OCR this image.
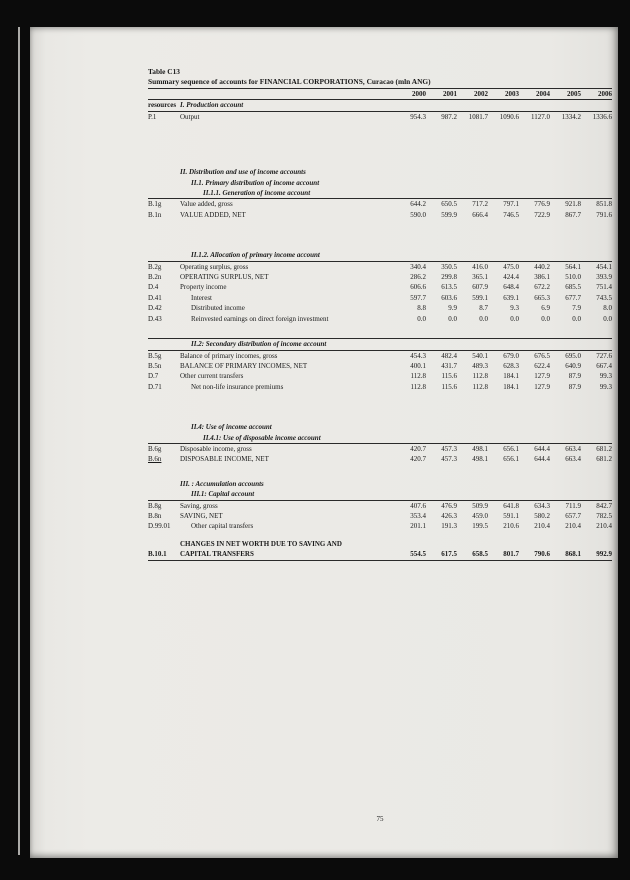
Table C13
Summary sequence of accounts for FINANCIAL CORPORATIONS, Curacao (mln ANG)
2000	2001	2002	2003	2004	2005	2006
resources I. Production account
P.1	Output	954.3	987.2	1081.7	1090.6	1127.0	1334.2	1336.6
II. Distribution and use of income accounts
II.1. Primary distribution of income account
II.1.1. Generation of income account
B.1g	Value added, gross	644.2	650.5	717.2	797.1	776.9	921.8	851.8
B.1n	VALUE ADDED, NET	590.0	599.9	666.4	746.5	722.9	867.7	791.6
II.1.2. Allocation of primary income account
B.2g	Operating surplus, gross	340.4	350.5	416.0	475.0	440.2	564.1	454.1
B.2n	OPERATING SURPLUS, NET	286.2	299.8	365.1	424.4	386.1	510.0	393.9
D.4	Property income	606.6	613.5	607.9	648.4	672.2	685.5	751.4
D.41	Interest	597.7	603.6	599.1	639.1	665.3	677.7	743.5
D.42	Distributed income	8.8	9.9	8.7	9.3	6.9	7.9	8.0
D.43	Reinvested earnings on direct foreign investment	0.0	0.0	0.0	0.0	0.0	0.0	0.0
II.2: Secondary distribution of income account
B.5g	Balance of primary incomes, gross	454.3	482.4	540.1	679.0	676.5	695.0	727.6
B.5n	BALANCE OF PRIMARY INCOMES, NET	400.1	431.7	489.3	628.3	622.4	640.9	667.4
D.7	Other current transfers	112.8	115.6	112.8	184.1	127.9	87.9	99.3
D.71	Net non-life insurance premiums	112.8	115.6	112.8	184.1	127.9	87.9	99.3
II.4: Use of income account
II.4.1: Use of disposable income account
B.6g	Disposable income, gross	420.7	457.3	498.1	656.1	644.4	663.4	681.2
B.6n	DISPOSABLE INCOME, NET	420.7	457.3	498.1	656.1	644.4	663.4	681.2
III. : Accumulation accounts
III.1: Capital account
B.8g	Saving, gross	407.6	476.9	509.9	641.8	634.3	711.9	842.7
B.8n	SAVING, NET	353.4	426.3	459.0	591.1	580.2	657.7	782.5
D.99.01	Other capital transfers	201.1	191.3	199.5	210.6	210.4	210.4	210.4
CHANGES IN NET WORTH DUE TO SAVING AND
B.10.1	CAPITAL TRANSFERS	554.5	617.5	658.5	801.7	790.6	868.1	992.9
75
